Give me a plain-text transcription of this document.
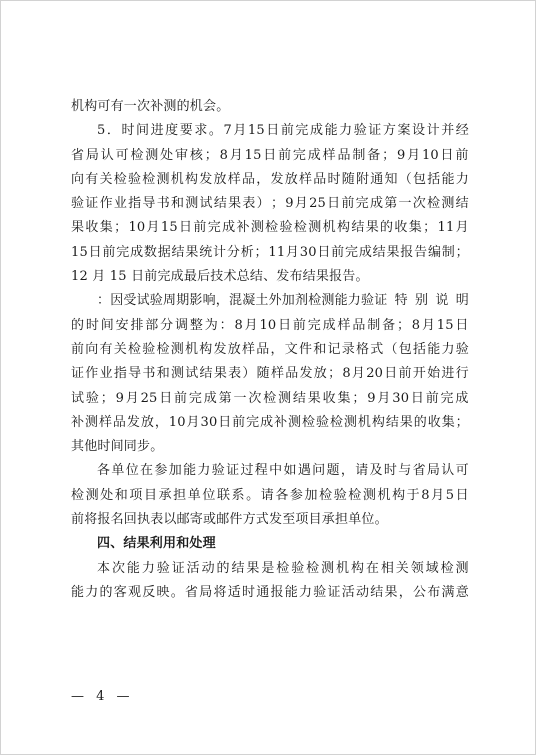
机构可有一次补测的机会。
5 ． 时 间 进 度 要 求 。 7 月 15 日 前 完 成 能 力 验 证 方 案 设 计 并 经
省 局 认 可 检 测 处 审 核 ； 8 月 15 日 前 完 成 样 品 制 备 ； 9 月 10 日 前
向 有 关 检 验 检 测 机 构 发 放 样 品 ， 发 放 样 品 时 随 附 通 知 （ 包 括 能 力
验 证 作 业 指 导 书 和 测 试 结 果 表 ） ； 9 月 25 日 前 完 成 第 一 次 检 测 结
果 收 集 ； 10 月 15 日 前 完 成 补 测 检 验 检 测 机 构 结 果 的 收 集 ； 11 月
15 日 前 完 成 数 据 结 果 统 计 分 析 ； 11 月 30 日 前 完 成 结 果 报 告 编 制 ；
12 月 15 日前完成最后技术总结、发布结果报告。
：因受试验周期影响，混凝土外加剂检测能力验证 特 别 说 明
的 时 间 安 排 部 分 调 整 为 ： 8 月 10 日 前 完 成 样 品 制 备 ； 8 月 15 日
前 向 有 关 检 验 检 测 机 构 发 放 样 品 ， 文 件 和 记 录 格 式 （ 包 括 能 力 验
证 作 业 指 导 书 和 测 试 结 果 表 ） 随 样 品 发 放 ； 8 月 20 日 前 开 始 进 行
试 验 ； 9 月 25 日 前 完 成 第 一 次 检 测 结 果 收 集 ； 9 月 30 日 前 完 成
补 测 样 品 发 放 ， 10 月 30 日 前 完 成 补 测 检 验 检 测 机 构 结 果 的 收 集 ；
其他时间同步。
各 单 位 在 参 加 能 力 验 证 过 程 中 如 遇 问 题 ， 请 及 时 与 省 局 认 可
检 测 处 和 项 目 承 担 单 位 联 系 。 请 各 参 加 检 验 检 测 机 构 于 8 月 5 日
前将报名回执表以邮寄或邮件方式发至项目承担单位。
四、结果利用和处理
本 次 能 力 验 证 活 动 的 结 果 是 检 验 检 测 机 构 在 相 关 领 域 检 测
能 力 的 客 观 反 映 。 省 局 将 适 时 通 报 能 力 验 证 活 动 结 果 ， 公 布 满 意
— 4 —
